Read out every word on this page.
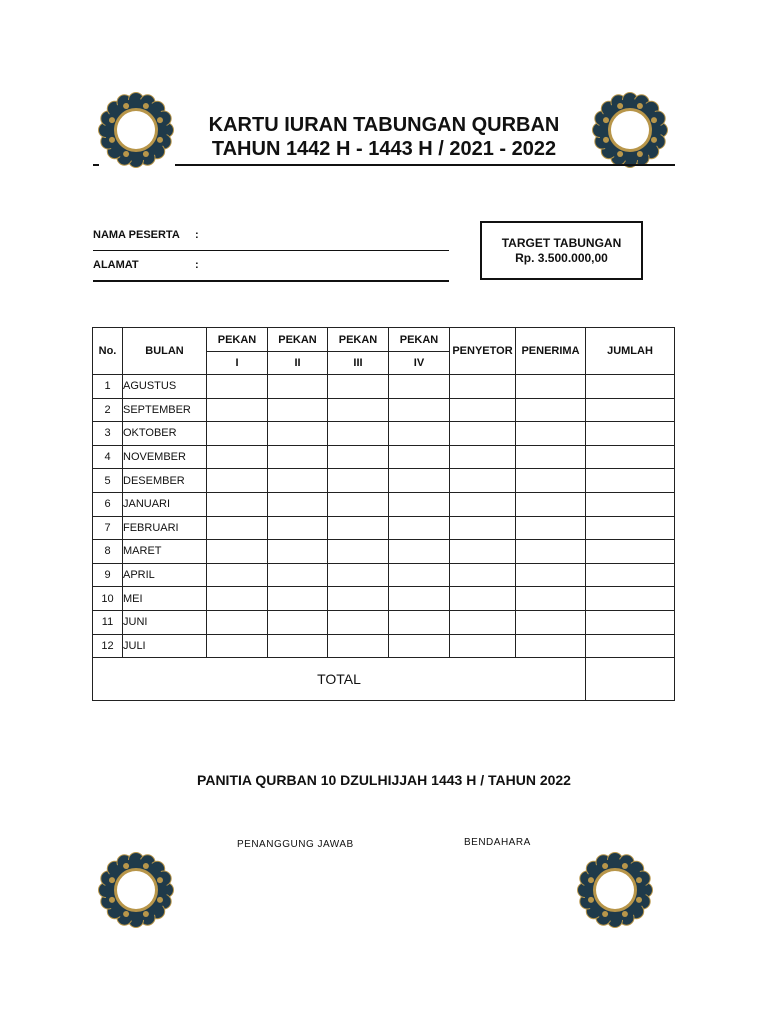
KARTU IURAN TABUNGAN QURBAN
TAHUN 1442 H - 1443 H / 2021 - 2022
NAMA PESERTA :
ALAMAT	:
TARGET TABUNGAN
Rp. 3.500.000,00
No.	BULAN	PEKAN	PEKAN	PEKAN	PEKAN	PENYETOR	PENERIMA	JUMLAH
		I	II	III	IV			
1	AGUSTUS							
2	SEPTEMBER							
3	OKTOBER							
4	NOVEMBER							
5	DESEMBER							
6	JANUARI							
7	FEBRUARI							
8	MARET							
9	APRIL							
10	MEI							
11	JUNI							
12	JULI							
TOTAL								
PANITIA QURBAN 10 DZULHIJJAH 1443 H / TAHUN 2022
PENANGGUNG JAWAB	BENDAHARA
